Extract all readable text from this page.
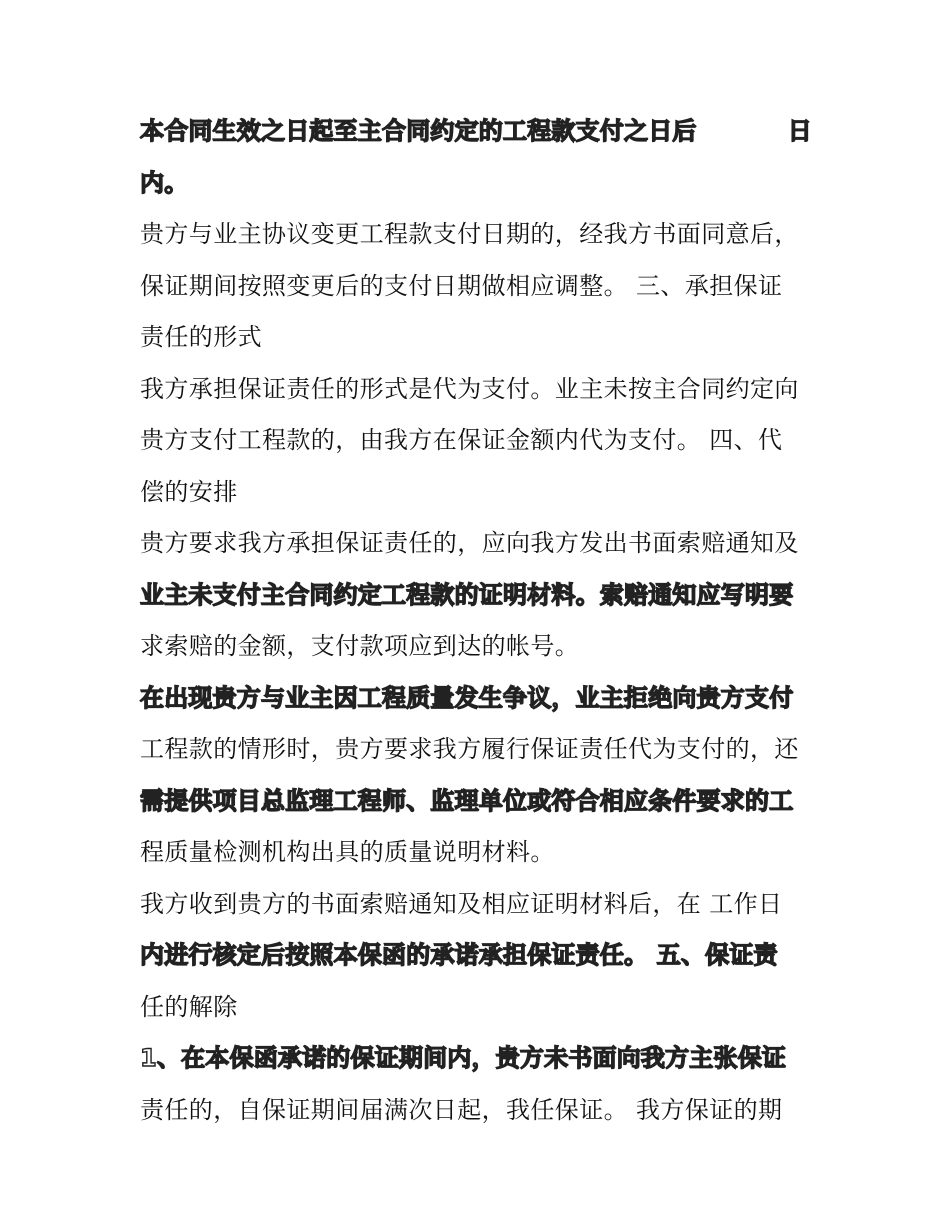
本合同生效之日起至主合同约定的工程款支付之日后	日
内。
贵方与业主协议变更工程款支付日期的，经我方书面同意后，
保证期间按照变更后的支付日期做相应调整。 三、承担保证
责任的形式
我方承担保证责任的形式是代为支付。业主未按主合同约定向
贵方支付工程款的，由我方在保证金额内代为支付。 四、代
偿的安排
贵方要求我方承担保证责任的，应向我方发出书面索赔通知及
业主未支付主合同约定工程款的证明材料。索赔通知应写明要
求索赔的金额，支付款项应到达的帐号。
在出现贵方与业主因工程质量发生争议，业主拒绝向贵方支付
工程款的情形时，贵方要求我方履行保证责任代为支付的，还
需提供项目总监理工程师、监理单位或符合相应条件要求的工
程质量检测机构出具的质量说明材料。
我方收到贵方的书面索赔通知及相应证明材料后，在 工作日
内进行核定后按照本保函的承诺承担保证责任。 五、保证责
任的解除
1、在本保函承诺的保证期间内，贵方未书面向我方主张保证
责任的，自保证期间届满次日起，我任保证。 我方保证的期
